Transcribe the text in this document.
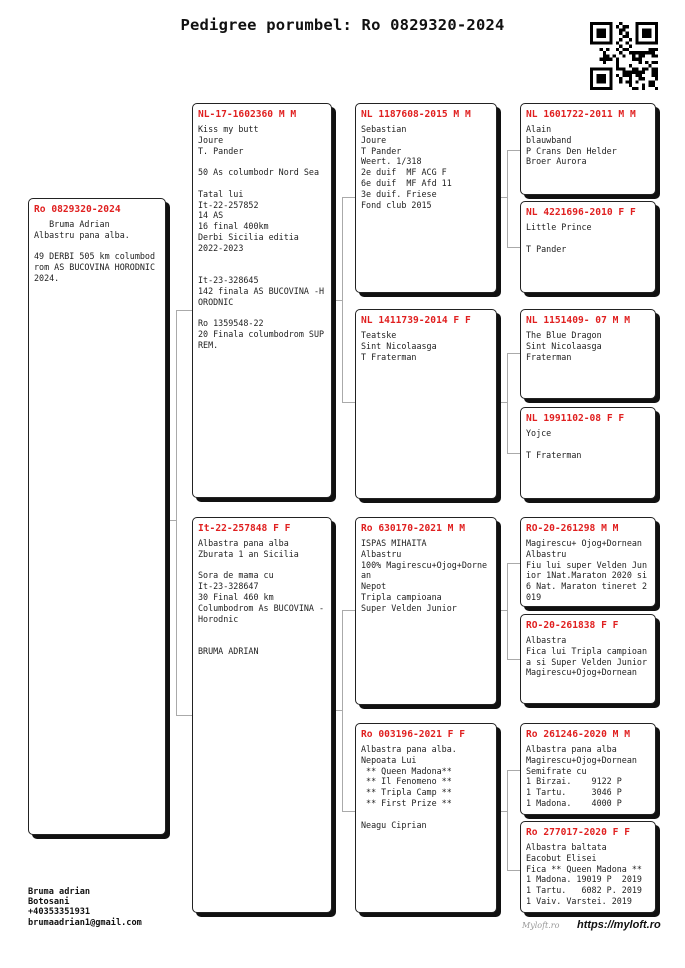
Pedigree porumbel: Ro 0829320-2024
Ro 0829320-2024
Bruma Adrian
Albastru pana alba.

49 DERBI 505 km columbod rom AS BUCOVINA HORODNIC 2024.
NL-17-1602360 M M
Kiss my butt
Joure
T. Pander

50 As columbodr Nord Sea

Tatal lui
It-22-257852
14 AS
16 final 400km
Derbi Sicilia editia
2022-2023

It-23-328645
142 finala AS BUCOVINA -HORODNIC

Ro 1359548-22
20 Finala columbodrom SUPREM.
It-22-257848 F F
Albastra pana alba
Zburata 1 an Sicilia

Sora de mama cu
It-23-328647
30 Final 460 km
Columbodrom As BUCOVINA -Horodnic

BRUMA ADRIAN
NL 1187608-2015 M M
Sebastian
Joure
T Pander
Weert. 1/318
2e duif  MF ACG F
6e duif  MF Afd 11
3e duif. Friese
Fond club 2015
NL 1411739-2014 F F
Teatske
Sint Nicolaasga
T Fraterman
Ro 630170-2021 M M
ISPAS MIHAITA
Albastru
100% Magirescu+Ojog+Dornean
Nepot
Tripla campioana
Super Velden Junior
Ro 003196-2021 F F
Albastra pana alba.
Nepoata Lui
** Queen Madona**
** Il Fenomeno **
** Tripla Camp **
** First Prize **

Neagu Ciprian
NL 1601722-2011 M M
Alain
blauwband
P Crans Den Helder
Broer Aurora
NL 4221696-2010 F F
Little Prince

T Pander
NL 1151409- 07 M M
The Blue Dragon
Sint Nicolaasga
Fraterman
NL 1991102-08 F F
Yojce

T Fraterman
RO-20-261298 M M
Magirescu+ Ojog+Dornean
Albastru
Fiu lui super Velden Junior 1Nat.Maraton 2020 si 6 Nat. Maraton tineret 2 019
RO-20-261838 F F
Albastra
Fica lui Tripla campioana si Super Velden Junior
Magirescu+Ojog+Dornean
Ro 261246-2020 M M
Albastra pana alba
Magirescu+Ojog+Dornean
Semifrate cu
1 Birzai.    9122 P
1 Tartu.     3046 P
1 Madona.    4000 P
Ro 277017-2020 F F
Albastra baltata
Eacobut Elisei
Fica ** Queen Madona **
1 Madona. 19019 P  2019
1 Tartu.   6082 P. 2019
1 Vaiv. Varstei. 2019
Bruma adrian
Botosani
+40353351931
brumaadrian1@gmail.com	Myloft.ro https://myloft.ro
